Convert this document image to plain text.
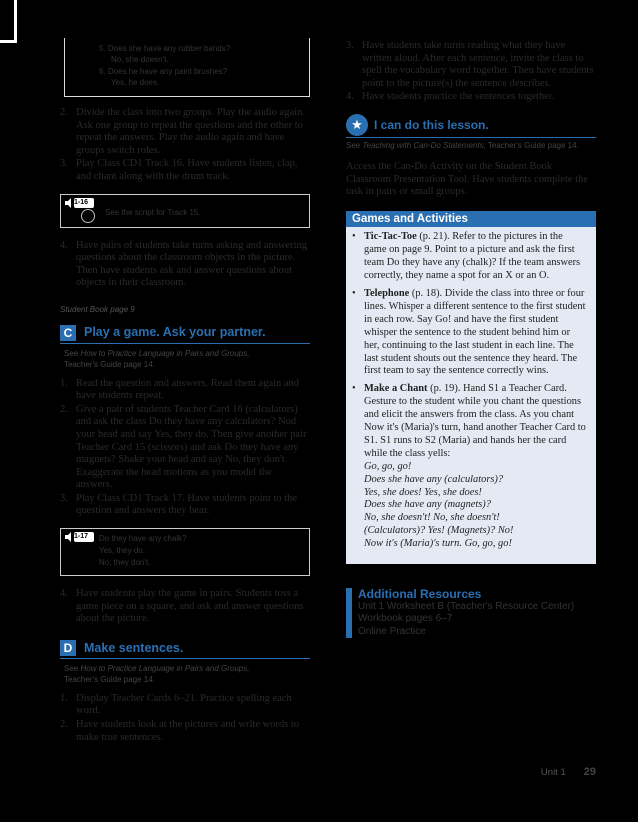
5. Does she have any rubber bands?
No, she doesn't.
6. Does he have any paint brushes?
Yes, he does.
2. Divide the class into two groups. Play the audio again. Ask one group to repeat the questions and the other to repeat the answers. Play the audio again and have groups switch roles.
3. Play Class CD1 Track 16. Have students listen, clap, and chant along with the drum track.
1-16
See the script for Track 15.
4. Have pairs of students take turns asking and answering questions about the classroom objects in the picture. Then have students ask and answer questions about objects in their classroom.
Student Book page 9
C Play a game. Ask your partner.
See How to Practice Language in Pairs and Groups,
Teacher's Guide page 14.
1. Read the question and answers. Read them again and have students repeat.
2. Give a pair of students Teacher Card 16 (calculators) and ask the class Do they have any calculators? Nod your head and say Yes, they do. Then give another pair Teacher Card 15 (scissors) and ask Do they have any magnets? Shake your head and say No, they don't. Exaggerate the head motions as you model the answers.
3. Play Class CD1 Track 17. Have students point to the question and answers they hear.
1-17 Do they have any chalk?
Yes, they do.
No, they don't.
4. Have students play the game in pairs. Students toss a game piece on a square, and ask and answer questions about the picture.
D Make sentences.
See How to Practice Language in Pairs and Groups,
Teacher's Guide page 14.
1. Display Teacher Cards 6–21. Practice spelling each word.
2. Have students look at the pictures and write words to make true sentences.
3. Have students take turns reading what they have written aloud. After each sentence, invite the class to spell the vocabulary word together. Then have students point to the picture(s) the sentence describes.
4. Have students practice the sentences together.
★ I can do this lesson.
See Teaching with Can-Do Statements, Teacher's Guide page 14.
Access the Can-Do Activity on the Student Book Classroom Presentation Tool. Have students complete the task in pairs or small groups.
Games and Activities
• Tic-Tac-Toe (p. 21). Refer to the pictures in the game on page 9. Point to a picture and ask the first team Do they have any (chalk)? If the team answers correctly, they name a spot for an X or an O.
• Telephone (p. 18). Divide the class into three or four lines. Whisper a different sentence to the first student in each row. Say Go! and have the first student whisper the sentence to the student behind him or her, continuing to the last student in each line. The last student shouts out the sentence they heard. The first team to say the sentence correctly wins.
• Make a Chant (p. 19). Hand S1 a Teacher Card. Gesture to the student while you chant the questions and elicit the answers from the class. As you chant Now it's (Maria)'s turn, hand another Teacher Card to S1. S1 runs to S2 (Maria) and hands her the card while the class yells:
Go, go, go!
Does she have any (calculators)?
Yes, she does! Yes, she does!
Does she have any (magnets)?
No, she doesn't! No, she doesn't!
(Calculators)? Yes! (Magnets)? No!
Now it's (Maria)'s turn. Go, go, go!
Additional Resources
Unit 1 Worksheet B (Teacher's Resource Center)
Workbook pages 6–7
Online Practice
Unit 1 29
